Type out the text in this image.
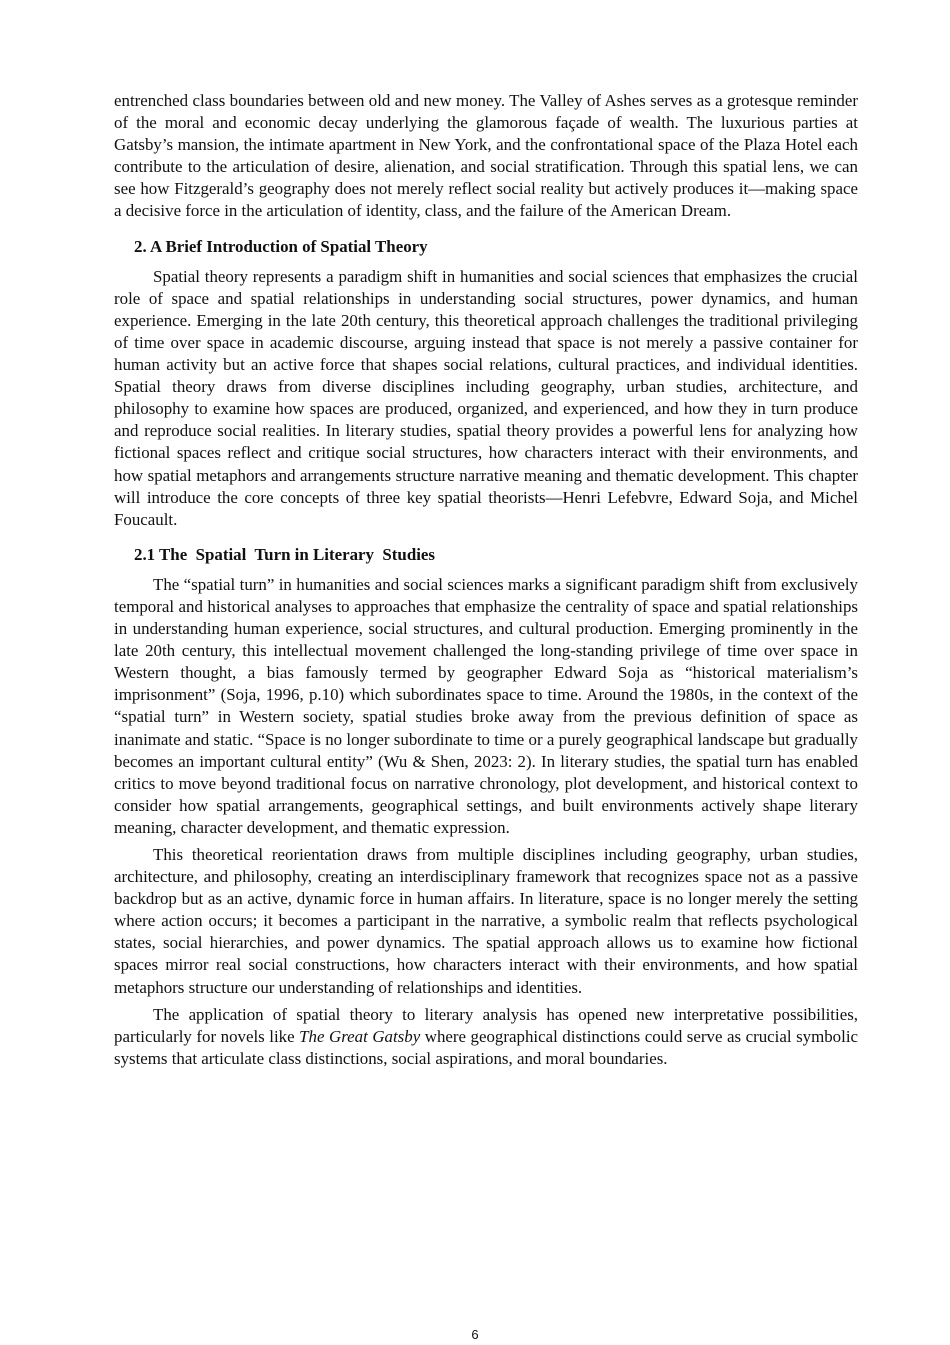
entrenched class boundaries between old and new money. The Valley of Ashes serves as a grotesque reminder of the moral and economic decay underlying the glamorous façade of wealth. The luxurious parties at Gatsby’s mansion, the intimate apartment in New York, and the confrontational space of the Plaza Hotel each contribute to the articulation of desire, alienation, and social stratification. Through this spatial lens, we can see how Fitzgerald’s geography does not merely reflect social reality but actively produces it—making space a decisive force in the articulation of identity, class, and the failure of the American Dream.

2. A Brief Introduction of Spatial Theory

Spatial theory represents a paradigm shift in humanities and social sciences that emphasizes the crucial role of space and spatial relationships in understanding social structures, power dynamics, and human experience. Emerging in the late 20th century, this theoretical approach challenges the traditional privileging of time over space in academic discourse, arguing instead that space is not merely a passive container for human activity but an active force that shapes social relations, cultural practices, and individual identities. Spatial theory draws from diverse disciplines including geography, urban studies, architecture, and philosophy to examine how spaces are produced, organized, and experienced, and how they in turn produce and reproduce social realities. In literary studies, spatial theory provides a powerful lens for analyzing how fictional spaces reflect and critique social structures, how characters interact with their environments, and how spatial metaphors and arrangements structure narrative meaning and thematic development. This chapter will introduce the core concepts of three key spatial theorists—Henri Lefebvre, Edward Soja, and Michel Foucault.

2.1 The  Spatial  Turn in Literary  Studies

The “spatial turn” in humanities and social sciences marks a significant paradigm shift from exclusively temporal and historical analyses to approaches that emphasize the centrality of space and spatial relationships in understanding human experience, social structures, and cultural production. Emerging prominently in the late 20th century, this intellectual movement challenged the long-standing privilege of time over space in Western thought, a bias famously termed by geographer Edward Soja as “historical materialism’s imprisonment” (Soja, 1996, p.10) which subordinates space to time. Around the 1980s, in the context of the “spatial turn” in Western society, spatial studies broke away from the previous definition of space as inanimate and static. “Space is no longer subordinate to time or a purely geographical landscape but gradually becomes an important cultural entity” (Wu & Shen, 2023: 2). In literary studies, the spatial turn has enabled critics to move beyond traditional focus on narrative chronology, plot development, and historical context to consider how spatial arrangements, geographical settings, and built environments actively shape literary meaning, character development, and thematic expression.

This theoretical reorientation draws from multiple disciplines including geography, urban studies, architecture, and philosophy, creating an interdisciplinary framework that recognizes space not as a passive backdrop but as an active, dynamic force in human affairs. In literature, space is no longer merely the setting where action occurs; it becomes a participant in the narrative, a symbolic realm that reflects psychological states, social hierarchies, and power dynamics. The spatial approach allows us to examine how fictional spaces mirror real social constructions, how characters interact with their environments, and how spatial metaphors structure our understanding of relationships and identities.

The application of spatial theory to literary analysis has opened new interpretative possibilities, particularly for novels like The Great Gatsby where geographical distinctions could serve as crucial symbolic systems that articulate class distinctions, social aspirations, and moral boundaries.

6
